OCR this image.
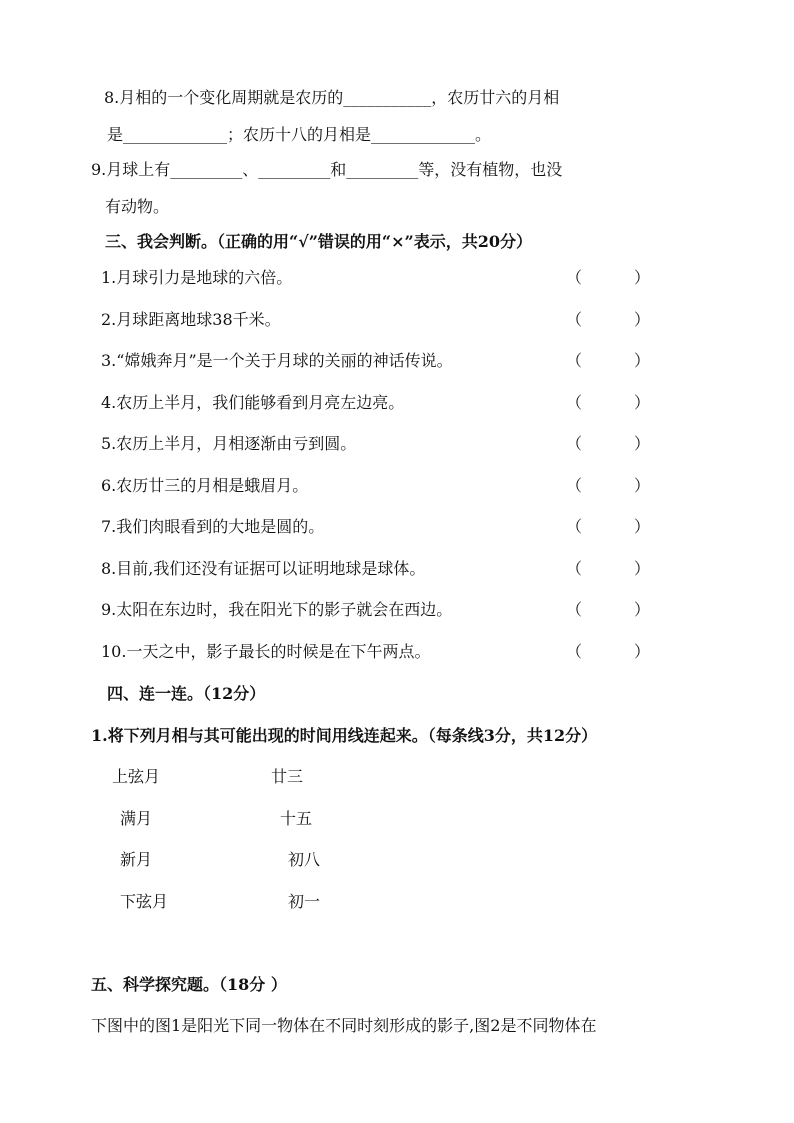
8.月相的一个变化周期就是农历的___________，农历廿六的月相
是_____________；农历十八的月相是_____________。
9.月球上有_________、_________和_________等，没有植物，也没
有动物。
三、我会判断。（正确的用“√”错误的用“×”表示，共20分）
1.月球引力是地球的六倍。	（	）
2.月球距离地球38千米。	（	）
3.“嫦娥奔月”是一个关于月球的关丽的神话传说。	（	）
4.农历上半月，我们能够看到月亮左边亮。	（	）
5.农历上半月，月相逐渐由亏到圆。	（	）
6.农历廿三的月相是蛾眉月。	（	）
7.我们肉眼看到的大地是圆的。	（	）
8.目前,我们还没有证据可以证明地球是球体。	（	）
9.太阳在东边时，我在阳光下的影子就会在西边。	（	）
10.一天之中，影子最长的时候是在下午两点。	（	）
四、连一连。（12分）
1.将下列月相与其可能出现的时间用线连起来。（每条线3分，共12分）
上弦月	廿三
满月	十五
新月	初八
下弦月	初一
五、科学探究题。（18分 ）
下图中的图1是阳光下同一物体在不同时刻形成的影子,图2是不同物体在
